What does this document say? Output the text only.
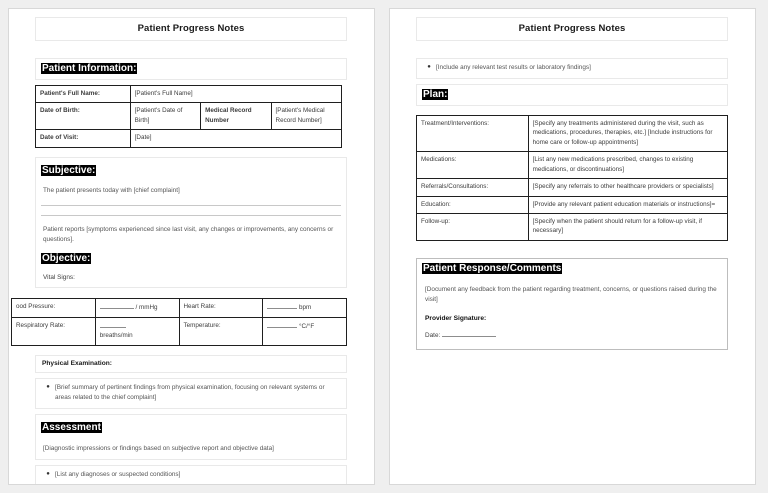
Patient Progress Notes
Patient Information:
Patient's Full Name:	[Patient's Full Name]		
Date of Birth:	[Patient's Date of Birth]	Medical Record Number	[Patient's Medical Record Number]
Date of Visit:	[Date]		
Subjective:
The patient presents today with [chief complaint]
Patient reports [symptoms experienced since last visit, any changes or improvements, any concerns or questions].
Objective:
Vital Signs:
ood Pressure:	/ mmHg	Heart Rate:	bpm
Respiratory Rate:	breaths/min	Temperature:	°C/°F
Physical Examination:
● [Brief summary of pertinent findings from physical examination, focusing on relevant systems or areas related to the chief complaint]
Assessment
[Diagnostic impressions or findings based on subjective report and objective data]
● [List any diagnoses or suspected conditions]
Patient Progress Notes
● [Include any relevant test results or laboratory findings]
Plan:
Treatment/Interventions:	[Specify any treatments administered during the visit, such as medications, procedures, therapies, etc.] [Include instructions for home care or follow-up appointments]
Medications:	[List any new medications prescribed, changes to existing medications, or discontinuations]
Referrals/Consultations:	[Specify any referrals to other healthcare providers or specialists]
Education:	[Provide any relevant patient education materials or instructions]=
Follow-up:	[Specify when the patient should return for a follow-up visit, if necessary]
Patient Response/Comments
[Document any feedback from the patient regarding treatment, concerns, or questions raised during the visit]
Provider Signature:
Date:
